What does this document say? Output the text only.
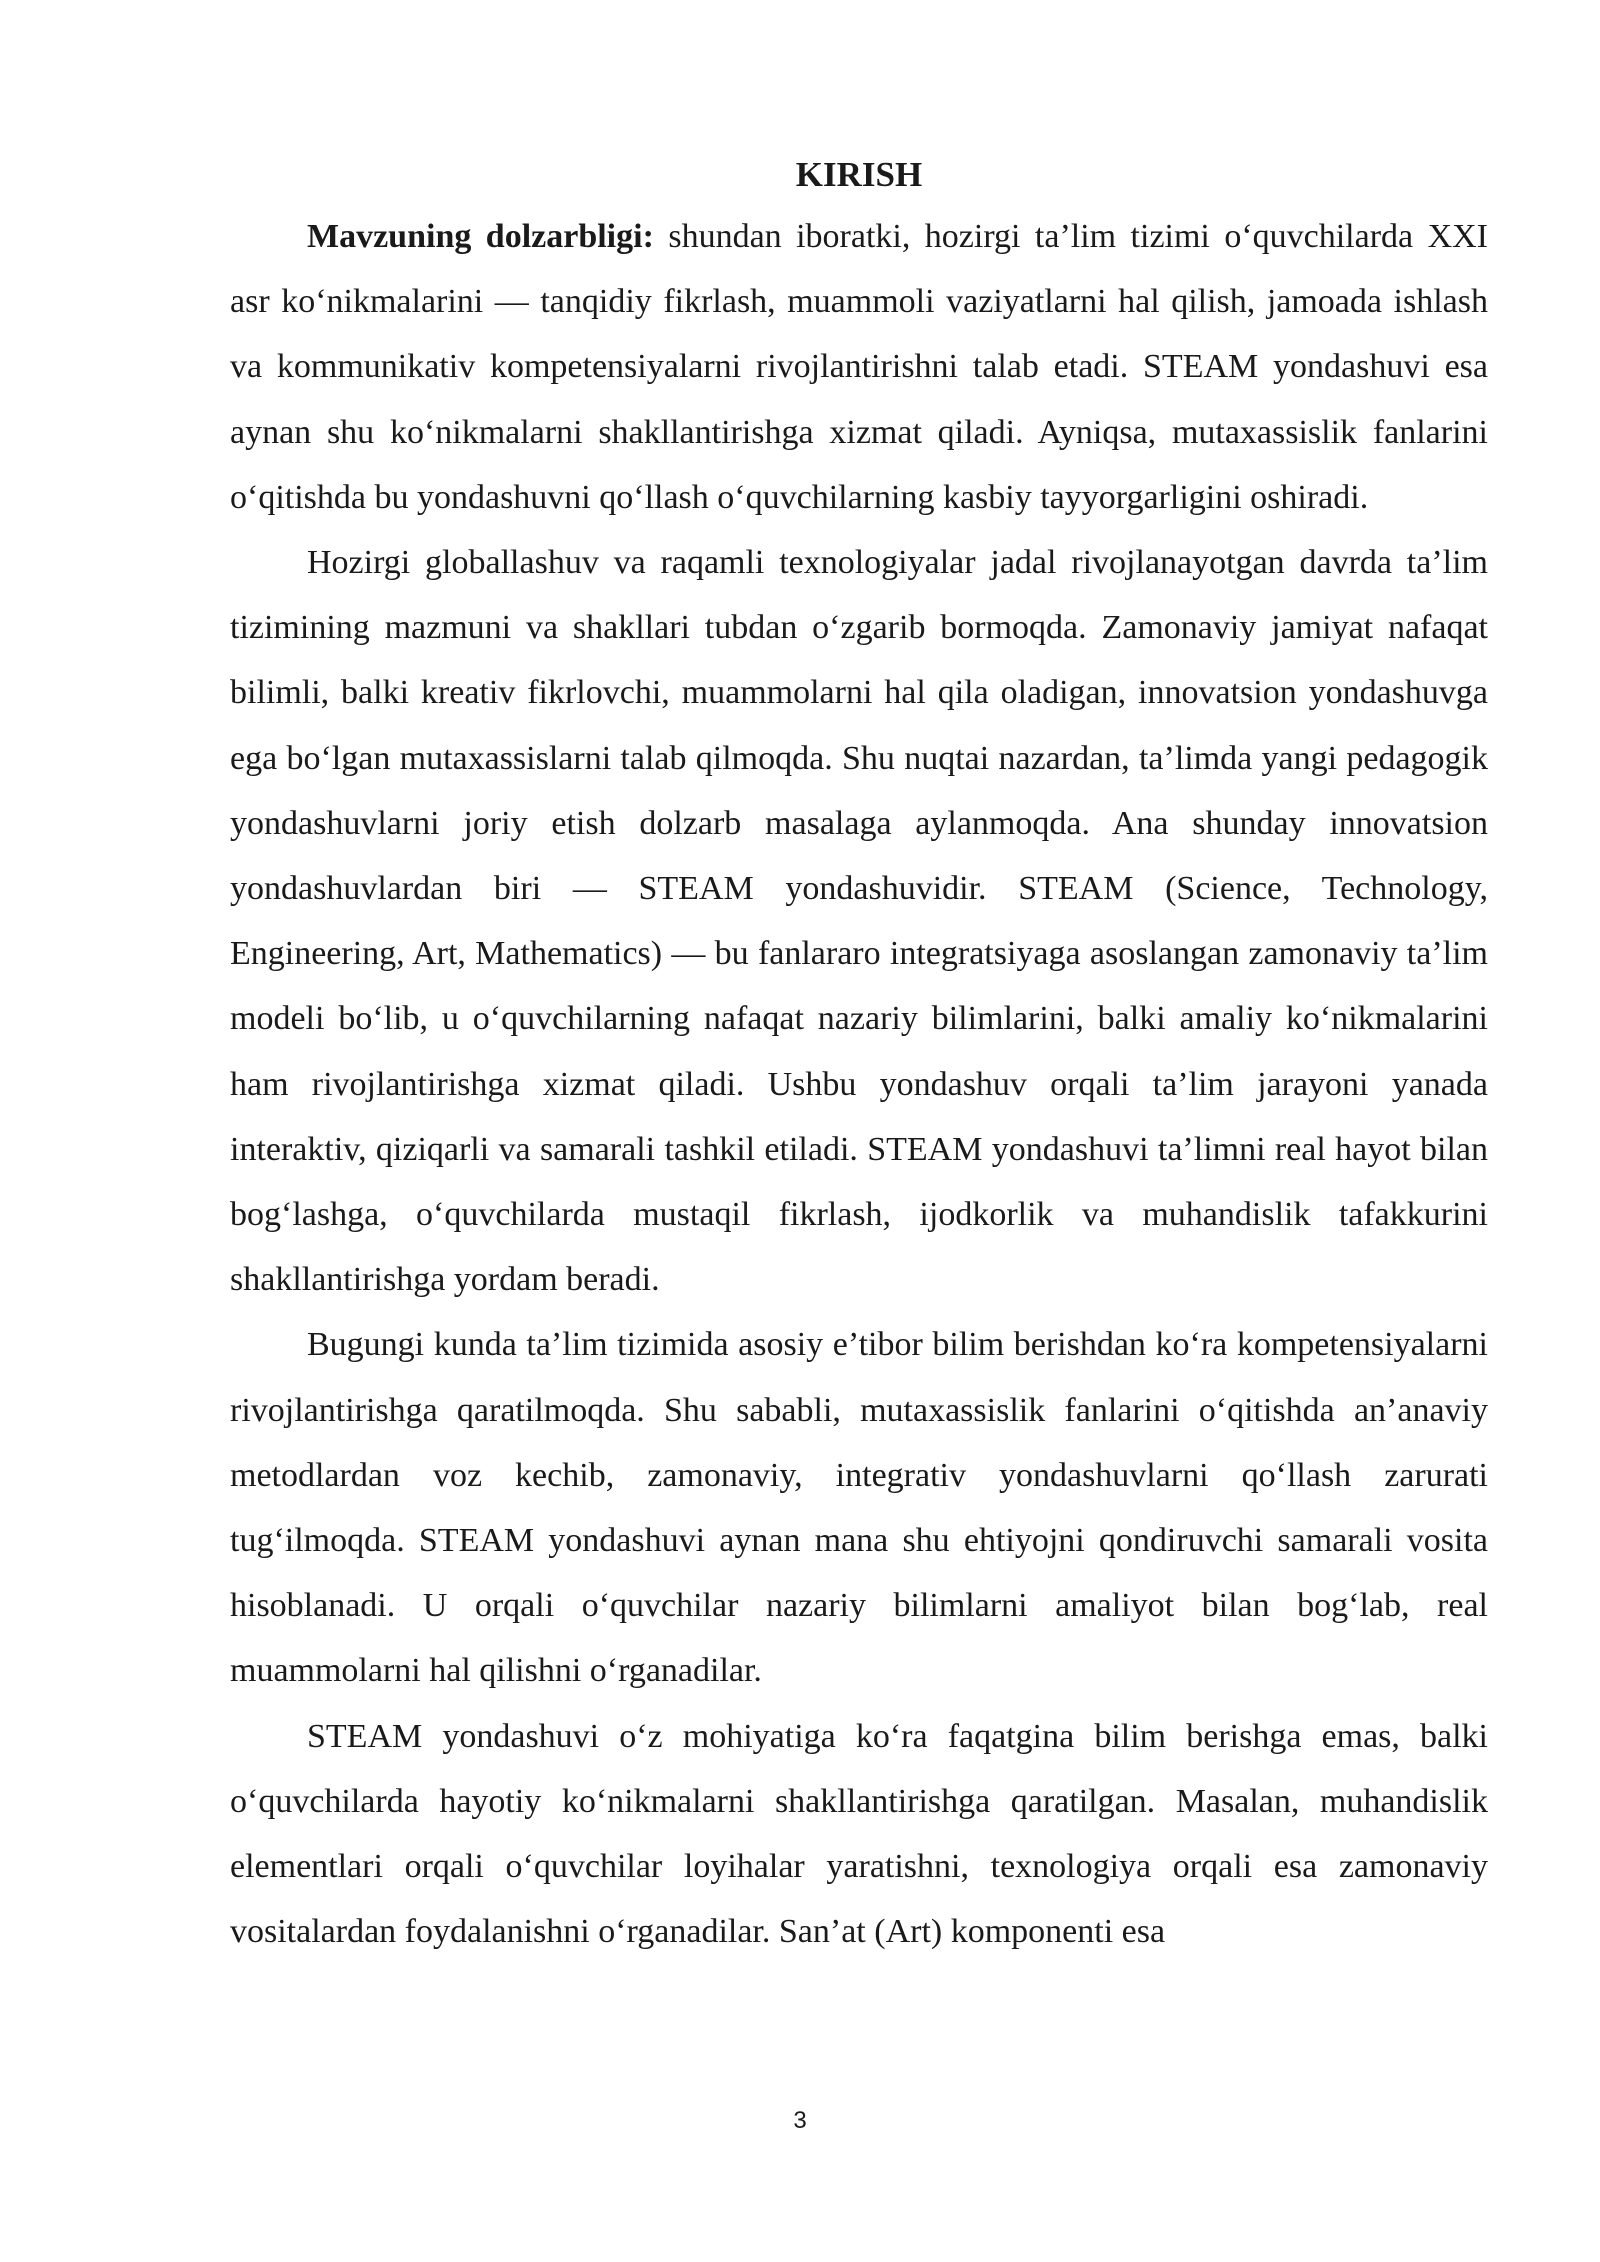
KIRISH

Mavzuning dolzarbligi: shundan iboratki, hozirgi ta’lim tizimi o‘quvchilarda XXI asr ko‘nikmalarini — tanqidiy fikrlash, muammoli vaziyatlarni hal qilish, jamoada ishlash va kommunikativ kompetensiyalarni rivojlantirishni talab etadi. STEAM yondashuvi esa aynan shu ko‘nikmalarni shakllantirishga xizmat qiladi. Ayniqsa, mutaxassislik fanlarini o‘qitishda bu yondashuvni qo‘llash o‘quvchilarning kasbiy tayyorgarligini oshiradi.

Hozirgi globallashuv va raqamli texnologiyalar jadal rivojlanayotgan davrda ta’lim tizimining mazmuni va shakllari tubdan o‘zgarib bormoqda. Zamonaviy jamiyat nafaqat bilimli, balki kreativ fikrlovchi, muammolarni hal qila oladigan, innovatsion yondashuvga ega bo‘lgan mutaxassislarni talab qilmoqda. Shu nuqtai nazardan, ta’limda yangi pedagogik yondashuvlarni joriy etish dolzarb masalaga aylanmoqda. Ana shunday innovatsion yondashuvlardan biri — STEAM yondashuvidir. STEAM (Science, Technology, Engineering, Art, Mathematics) — bu fanlararo integratsiyaga asoslangan zamonaviy ta’lim modeli bo‘lib, u o‘quvchilarning nafaqat nazariy bilimlarini, balki amaliy ko‘nikmalarini ham rivojlantirishga xizmat qiladi. Ushbu yondashuv orqali ta’lim jarayoni yanada interaktiv, qiziqarli va samarali tashkil etiladi. STEAM yondashuvi ta’limni real hayot bilan bog‘lashga, o‘quvchilarda mustaqil fikrlash, ijodkorlik va muhandislik tafakkurini shakllantirishga yordam beradi.

Bugungi kunda ta’lim tizimida asosiy e’tibor bilim berishdan ko‘ra kompetensiyalarni rivojlantirishga qaratilmoqda. Shu sababli, mutaxassislik fanlarini o‘qitishda an’anaviy metodlardan voz kechib, zamonaviy, integrativ yondashuvlarni qo‘llash zarurati tug‘ilmoqda. STEAM yondashuvi aynan mana shu ehtiyojni qondiruvchi samarali vosita hisoblanadi. U orqali o‘quvchilar nazariy bilimlarni amaliyot bilan bog‘lab, real muammolarni hal qilishni o‘rganadilar.

STEAM yondashuvi o‘z mohiyatiga ko‘ra faqatgina bilim berishga emas, balki o‘quvchilarda hayotiy ko‘nikmalarni shakllantirishga qaratilgan. Masalan, muhandislik elementlari orqali o‘quvchilar loyihalar yaratishni, texnologiya orqali esa zamonaviy vositalardan foydalanishni o‘rganadilar. San’at (Art) komponenti esa

3
